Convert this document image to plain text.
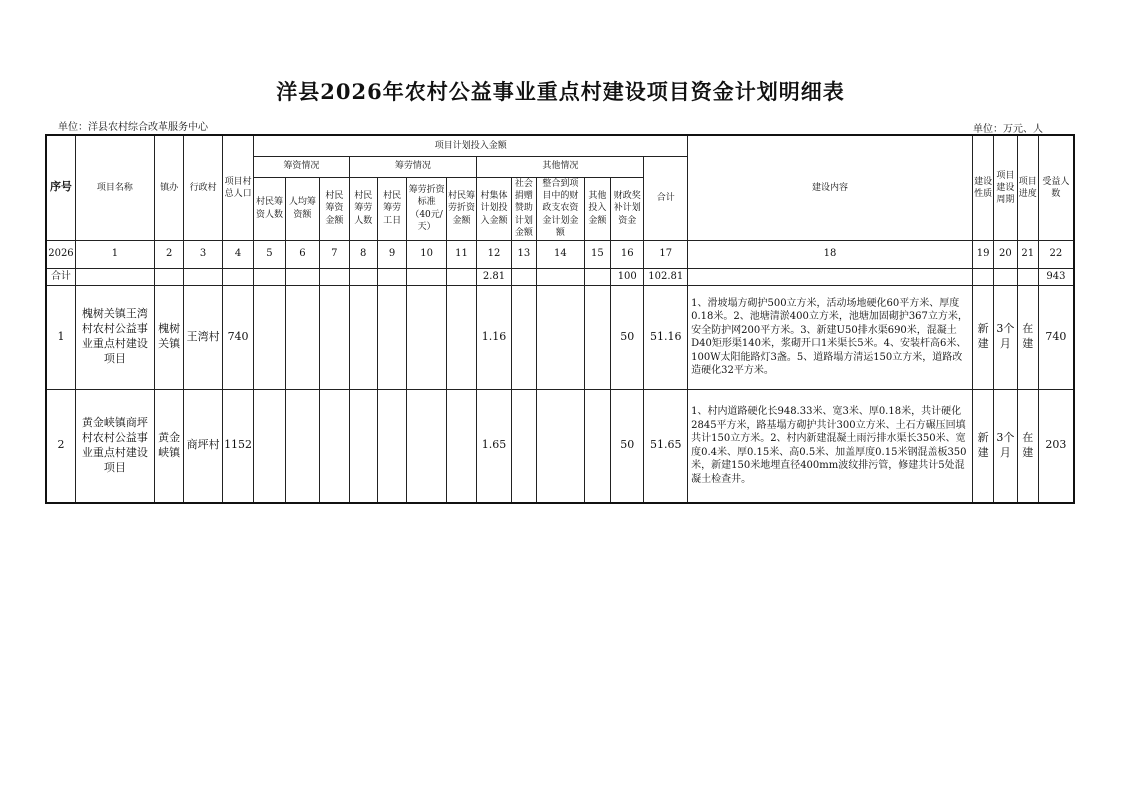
洋县2026年农村公益事业重点村建设项目资金计划明细表
单位：洋县农村综合改革服务中心	单位：万元、人
序号	项目名称	镇办	行政村	项目村总人口	项目计划投入金额													建设内容	建设性质	项目建设周期	项目进度	受益人数
					筹资情况			筹劳情况				其他情况					合计					
					村民筹资人数	人均筹资额	村民筹资金额	村民筹劳人数	村民筹劳工日	筹劳折资标准（40元/天）	村民筹劳折资金额	村集体计划投入金额	社会捐赠赞助计划金额	整合到项目中的财政支农资金计划金额	其他投入金额	财政奖补计划资金						
2026	1	2	3	4	5	6	7	8	9	10	11	12	13	14	15	16	17	18	19	20	21	22
合计												2.81				100	102.81					943
1	槐树关镇王湾村农村公益事业重点村建设项目	槐树关镇	王湾村	740								1.16				50	51.16	1、滑坡塌方砌护500立方米，活动场地硬化60平方米、厚度0.18米。2、池塘清淤400立方米，池塘加固砌护367立方米，安全防护网200平方米。3、新建U50排水渠690米，混凝土D40矩形渠140米，浆砌开口1米渠长5米。4、安装杆高6米、100W太阳能路灯3盏。5、道路塌方清运150立方米，道路改造硬化32平方米。	新建	3个月	在建	740
2	黄金峡镇商坪村农村公益事业重点村建设项目	黄金峡镇	商坪村	1152								1.65				50	51.65	1、村内道路硬化长948.33米、宽3米、厚0.18米，共计硬化2845平方米，路基塌方砌护共计300立方米、土石方碾压回填共计150立方米。2、村内新建混凝土雨污排水渠长350米、宽度0.4米、厚0.15米、高0.5米、加盖厚度0.15米钢混盖板350米，新建150米地埋直径400mm波纹排污管，修建共计5处混凝土检查井。	新建	3个月	在建	203
